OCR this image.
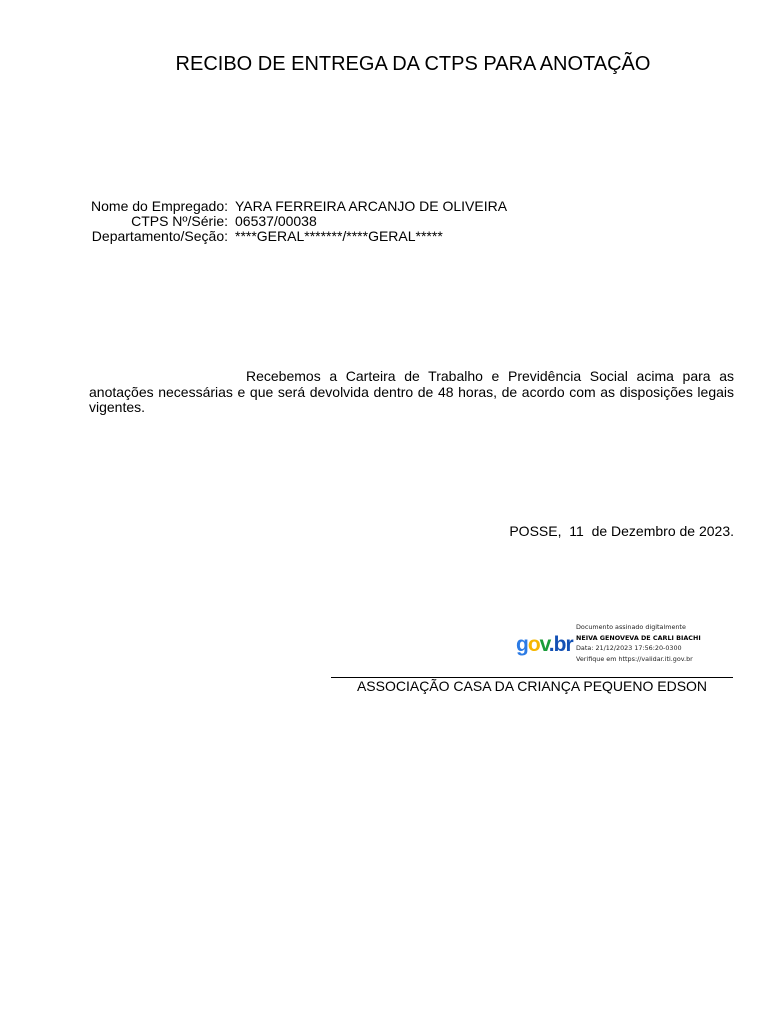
RECIBO DE ENTREGA DA CTPS PARA ANOTAÇÃO
Nome do Empregado: YARA FERREIRA ARCANJO DE OLIVEIRA
CTPS Nº/Série: 06537/00038
Departamento/Seção: ****GERAL*******/****GERAL*****
Recebemos a Carteira de Trabalho e Previdência Social acima para as anotações necessárias e que será devolvida dentro de 48 horas, de acordo com as disposições legais vigentes.
POSSE,  11  de Dezembro de 2023.
gov.br
Documento assinado digitalmente
NEIVA GENOVEVA DE CARLI BIACHI
Data: 21/12/2023 17:56:20-0300
Verifique em https://validar.iti.gov.br
ASSOCIAÇÃO CASA DA CRIANÇA PEQUENO EDSON
